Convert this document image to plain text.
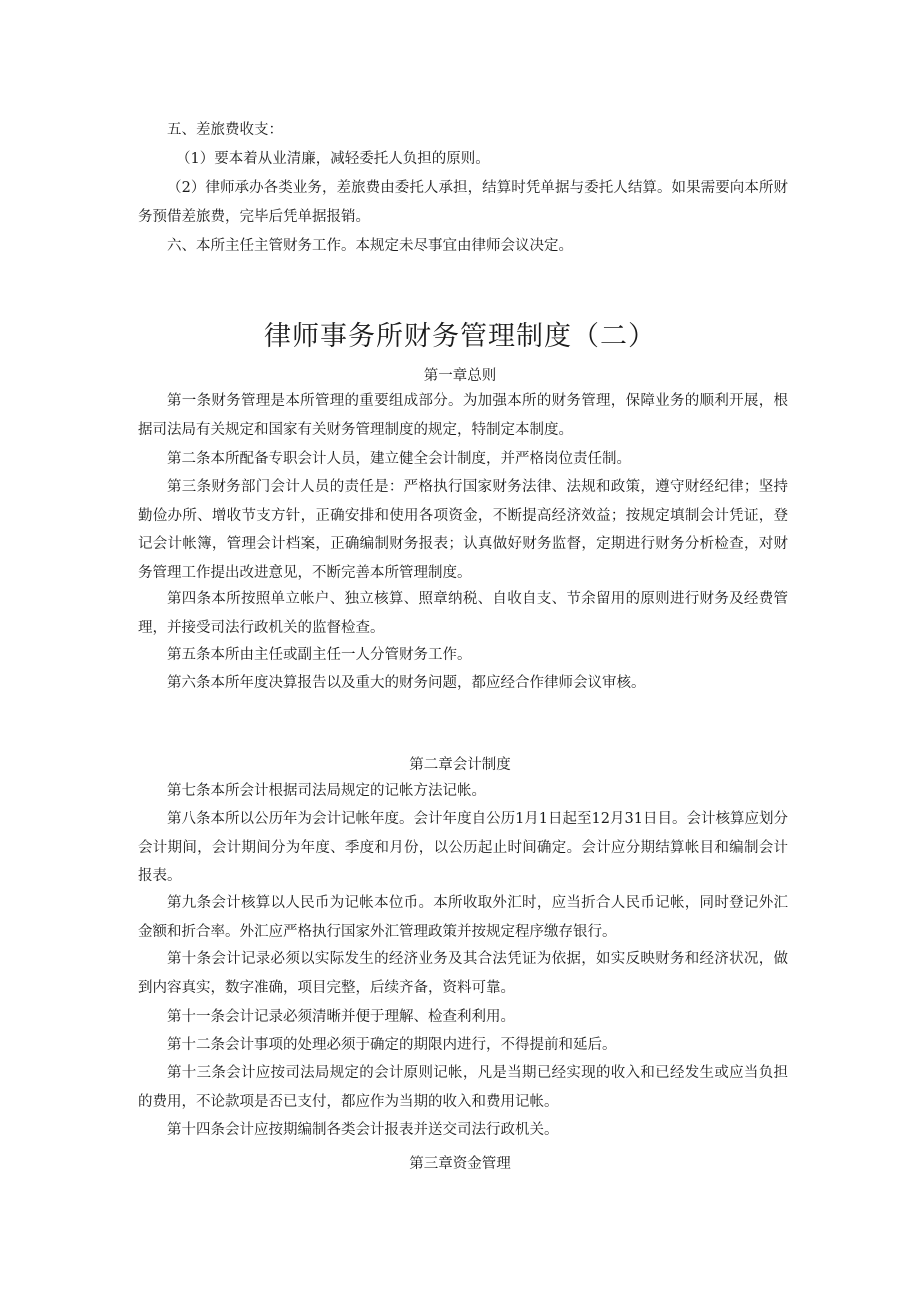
五、差旅费收支：

（1）要本着从业清廉，减轻委托人负担的原则。

（2）律师承办各类业务，差旅费由委托人承担，结算时凭单据与委托人结算。如果需要向本所财务预借差旅费，完毕后凭单据报销。

六、本所主任主管财务工作。本规定未尽事宜由律师会议决定。

律师事务所财务管理制度（二）

第一章总则

第一条财务管理是本所管理的重要组成部分。为加强本所的财务管理，保障业务的顺利开展，根据司法局有关规定和国家有关财务管理制度的规定，特制定本制度。

第二条本所配备专职会计人员，建立健全会计制度，并严格岗位责任制。

第三条财务部门会计人员的责任是：严格执行国家财务法律、法规和政策，遵守财经纪律；坚持勤俭办所、增收节支方针，正确安排和使用各项资金，不断提高经济效益；按规定填制会计凭证，登记会计帐簿，管理会计档案，正确编制财务报表；认真做好财务监督，定期进行财务分析检查，对财务管理工作提出改进意见，不断完善本所管理制度。

第四条本所按照单立帐户、独立核算、照章纳税、自收自支、节余留用的原则进行财务及经费管理，并接受司法行政机关的监督检查。

第五条本所由主任或副主任一人分管财务工作。

第六条本所年度决算报告以及重大的财务问题，都应经合作律师会议审核。

第二章会计制度

第七条本所会计根据司法局规定的记帐方法记帐。

第八条本所以公历年为会计记帐年度。会计年度自公历1月1日起至12月31日目。会计核算应划分会计期间，会计期间分为年度、季度和月份，以公历起止时间确定。会计应分期结算帐目和编制会计报表。

第九条会计核算以人民币为记帐本位币。本所收取外汇时，应当折合人民币记帐，同时登记外汇金额和折合率。外汇应严格执行国家外汇管理政策并按规定程序缴存银行。

第十条会计记录必须以实际发生的经济业务及其合法凭证为依据，如实反映财务和经济状况，做到内容真实，数字准确，项目完整，后续齐备，资料可靠。

第十一条会计记录必须清晰并便于理解、检查利利用。

第十二条会计事项的处理必须于确定的期限内进行，不得提前和延后。

第十三条会计应按司法局规定的会计原则记帐，凡是当期已经实现的收入和已经发生或应当负担的费用，不论款项是否已支付，都应作为当期的收入和费用记帐。

第十四条会计应按期编制各类会计报表并送交司法行政机关。

第三章资金管理
